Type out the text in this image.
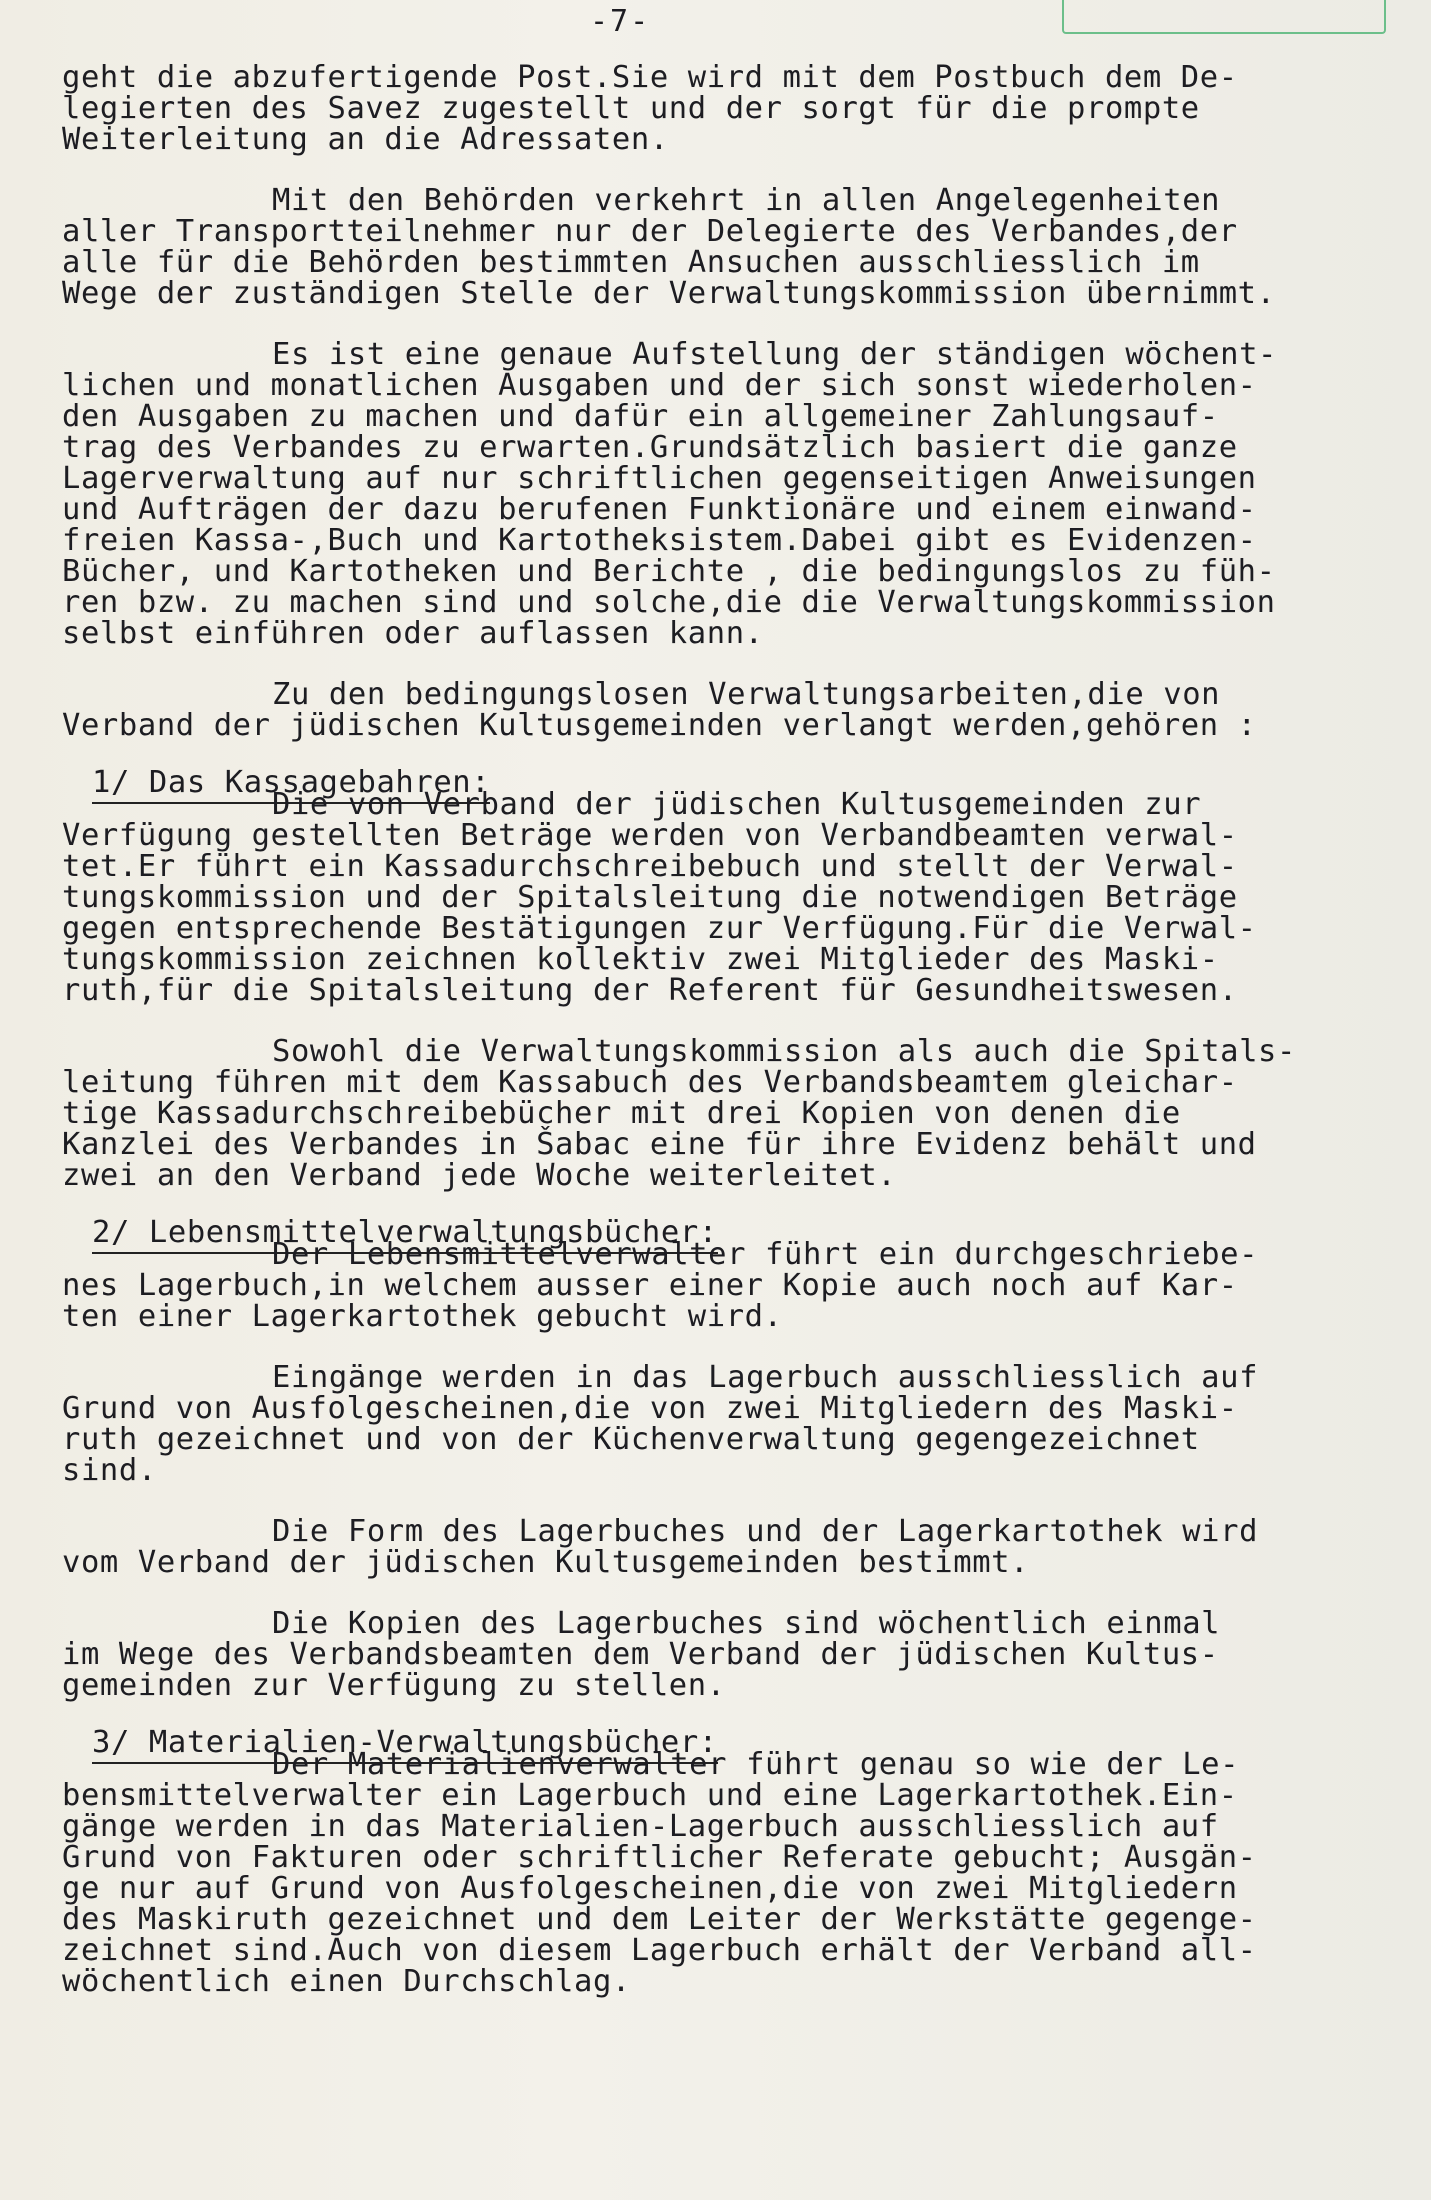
-7-
geht die abzufertigende Post.Sie wird mit dem Postbuch dem De-
legierten des Savez zugestellt und der sorgt für die prompte
Weiterleitung an die Adressaten.
Mit den Behörden verkehrt in allen Angelegenheiten
aller Transportteilnehmer nur der Delegierte des Verbandes,der
alle für die Behörden bestimmten Ansuchen ausschliesslich im
Wege der zuständigen Stelle der Verwaltungskommission übernimmt.
Es ist eine genaue Aufstellung der ständigen wöchent-
lichen und monatlichen Ausgaben und der sich sonst wiederholen-
den Ausgaben zu machen und dafür ein allgemeiner Zahlungsauf-
trag des Verbandes zu erwarten.Grundsätzlich basiert die ganze
Lagerverwaltung auf nur schriftlichen gegenseitigen Anweisungen
und Aufträgen der dazu berufenen Funktionäre und einem einwand-
freien Kassa-,Buch und Kartotheksistem.Dabei gibt es Evidenzen-
Bücher, und Kartotheken und Berichte , die bedingungslos zu füh-
ren bzw. zu machen sind und solche,die die Verwaltungskommission
selbst einführen oder auflassen kann.
Zu den bedingungslosen Verwaltungsarbeiten,die von
Verband der jüdischen Kultusgemeinden verlangt werden,gehören :
1/ Das Kassagebahren:
Die von Verband der jüdischen Kultusgemeinden zur
Verfügung gestellten Beträge werden von Verbandbeamten verwal-
tet.Er führt ein Kassadurchschreibebuch und stellt der Verwal-
tungskommission und der Spitalsleitung die notwendigen Beträge
gegen entsprechende Bestätigungen zur Verfügung.Für die Verwal-
tungskommission zeichnen kollektiv zwei Mitglieder des Maski-
ruth,für die Spitalsleitung der Referent für Gesundheitswesen.
Sowohl die Verwaltungskommission als auch die Spitals-
leitung führen mit dem Kassabuch des Verbandsbeamtem gleichar-
tige Kassadurchschreibebücher mit drei Kopien von denen die
Kanzlei des Verbandes in Šabac eine für ihre Evidenz behält und
zwei an den Verband jede Woche weiterleitet.
2/ Lebensmittelverwaltungsbücher:
Der Lebensmittelverwalter führt ein durchgeschriebe-
nes Lagerbuch,in welchem ausser einer Kopie auch noch auf Kar-
ten einer Lagerkartothek gebucht wird.
Eingänge werden in das Lagerbuch ausschliesslich auf
Grund von Ausfolgescheinen,die von zwei Mitgliedern des Maski-
ruth gezeichnet und von der Küchenverwaltung gegengezeichnet
sind.
Die Form des Lagerbuches und der Lagerkartothek wird
vom Verband der jüdischen Kultusgemeinden bestimmt.
Die Kopien des Lagerbuches sind wöchentlich einmal
im Wege des Verbandsbeamten dem Verband der jüdischen Kultus-
gemeinden zur Verfügung zu stellen.
3/ Materialien-Verwaltungsbücher:
Der Materialienverwalter führt genau so wie der Le-
bensmittelverwalter ein Lagerbuch und eine Lagerkartothek.Ein-
gänge werden in das Materialien-Lagerbuch ausschliesslich auf
Grund von Fakturen oder schriftlicher Referate gebucht; Ausgän-
ge nur auf Grund von Ausfolgescheinen,die von zwei Mitgliedern
des Maskiruth gezeichnet und dem Leiter der Werkstätte gegenge-
zeichnet sind.Auch von diesem Lagerbuch erhält der Verband all-
wöchentlich einen Durchschlag.
